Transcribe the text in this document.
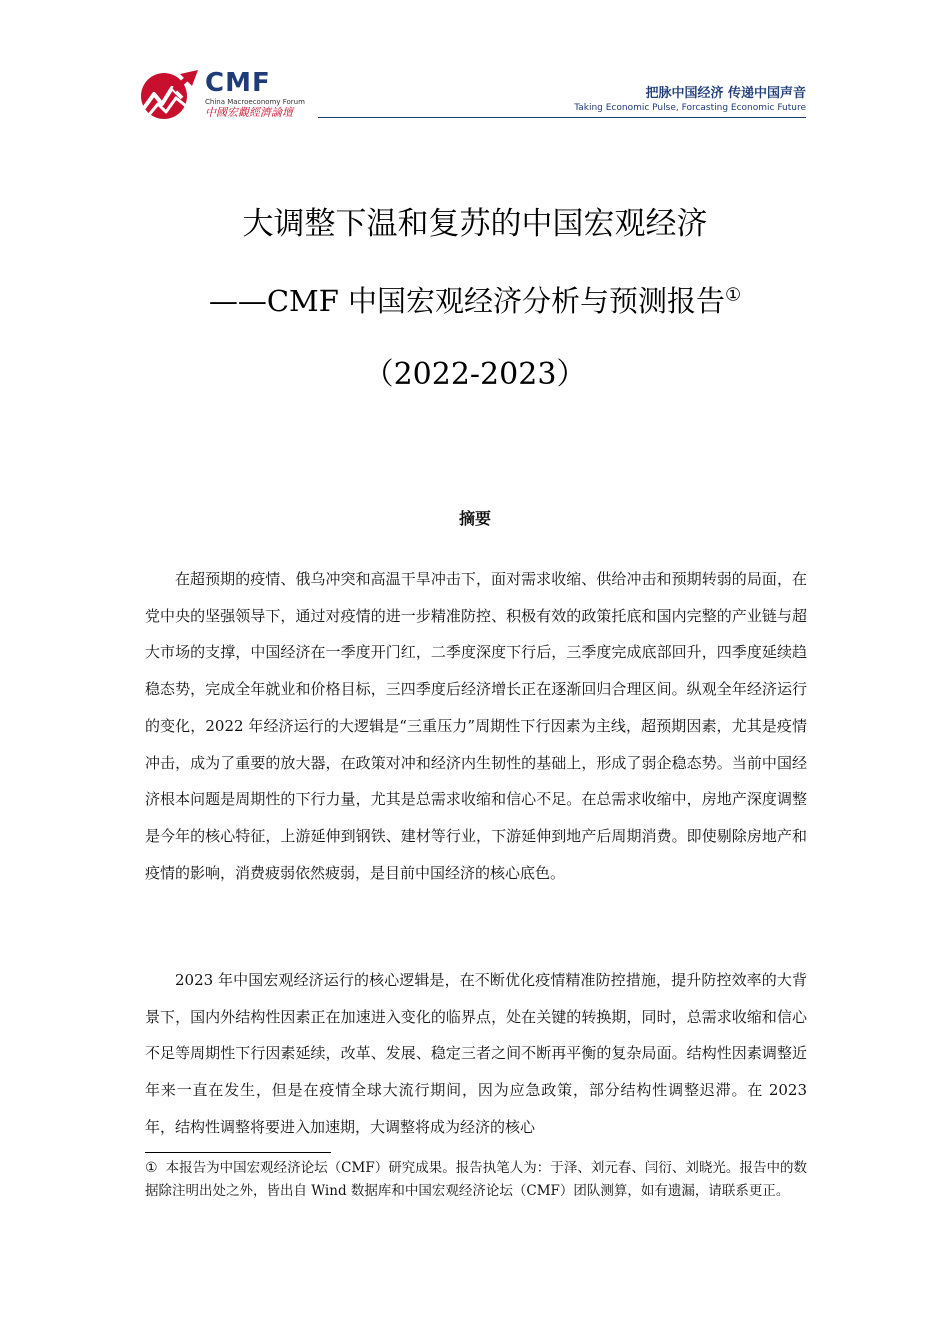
CMF
China Macroeconomy Forum
中國宏觀經濟論壇
把脉中国经济 传递中国声音
Taking Economic Pulse, Forcasting Economic Future
大调整下温和复苏的中国宏观经济
——CMF 中国宏观经济分析与预测报告①
（2022-2023）
摘要

在超预期的疫情、俄乌冲突和高温干旱冲击下，面对需求收缩、供给冲击和预期转弱的局面，在党中央的坚强领导下，通过对疫情的进一步精准防控、积极有效的政策托底和国内完整的产业链与超大市场的支撑，中国经济在一季度开门红，二季度深度下行后，三季度完成底部回升，四季度延续趋稳态势，完成全年就业和价格目标，三四季度后经济增长正在逐渐回归合理区间。纵观全年经济运行的变化，2022 年经济运行的大逻辑是“三重压力”周期性下行因素为主线，超预期因素，尤其是疫情冲击，成为了重要的放大器，在政策对冲和经济内生韧性的基础上，形成了弱企稳态势。当前中国经济根本问题是周期性的下行力量，尤其是总需求收缩和信心不足。在总需求收缩中，房地产深度调整是今年的核心特征，上游延伸到钢铁、建材等行业，下游延伸到地产后周期消费。即使剔除房地产和疫情的影响，消费疲弱依然疲弱，是目前中国经济的核心底色。

2023 年中国宏观经济运行的核心逻辑是，在不断优化疫情精准防控措施，提升防控效率的大背景下，国内外结构性因素正在加速进入变化的临界点，处在关键的转换期，同时，总需求收缩和信心不足等周期性下行因素延续，改革、发展、稳定三者之间不断再平衡的复杂局面。结构性因素调整近年来一直在发生，但是在疫情全球大流行期间，因为应急政策，部分结构性调整迟滞。在 2023 年，结构性调整将要进入加速期，大调整将成为经济的核心

① 本报告为中国宏观经济论坛（CMF）研究成果。报告执笔人为：于泽、刘元春、闫衍、刘晓光。报告中的数据除注明出处之外，皆出自 Wind 数据库和中国宏观经济论坛（CMF）团队测算，如有遗漏，请联系更正。
